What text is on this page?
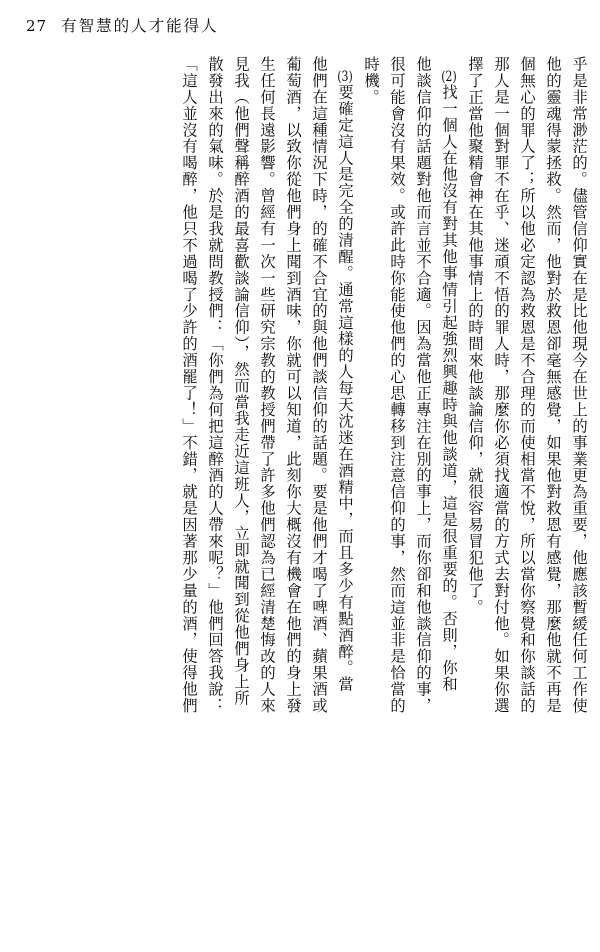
27 有智慧的人才能得人
乎是非常渺茫的。儘管信仰實在是比他現今在世上的事業更為重要，他應該暫緩任何工作使
他的靈魂得蒙拯救。然而，他對於救恩卻毫無感覺，如果他對救恩有感覺，那麼他就不再是
個無心的罪人了；所以他必定認為救恩是不合理的而使相當不悅，所以當你察覺和你談話的
那人是一個對罪不在乎、迷頑不悟的罪人時，那麼你必須找適當的方式去對付他。如果你選
擇了正當他聚精會神在其他事情上的時間來他談論信仰，就很容易冒犯他了。
(2)找一個人在他沒有對其他事情引起強烈興趣時與他談道，這是很重要的。否則，你和
他談信仰的話題對他而言並不合適。因為當他正專注在別的事上，而你卻和他談信仰的事，
很可能會沒有果效。或許此時你能使他們的心思轉移到注意信仰的事，然而這並非是恰當的
時機。
(3)要確定這人是完全的清醒。通常這樣的人每天沈迷在酒精中，而且多少有點酒醉。當
他們在這種情況下時，的確不合宜的與他們談信仰的話題。要是他們才喝了啤酒、蘋果酒或
葡萄酒，以致你從他們身上聞到酒味，你就可以知道，此刻你大概沒有機會在他們的身上發
生任何長遠影響。曾經有一次一些研究宗教的教授們帶了許多他們認為已經清楚悔改的人來
見我（他們聲稱醉酒的最喜歡談論信仰），然而當我走近這班人，立即就聞到從他們身上所
散發出來的氣味。於是我就問教授們：「你們為何把這醉酒的人帶來呢？」他們回答我說：
「這人並沒有喝醉，他只不過喝了少許的酒罷了！」不錯，就是因著那少量的酒，使得他們
